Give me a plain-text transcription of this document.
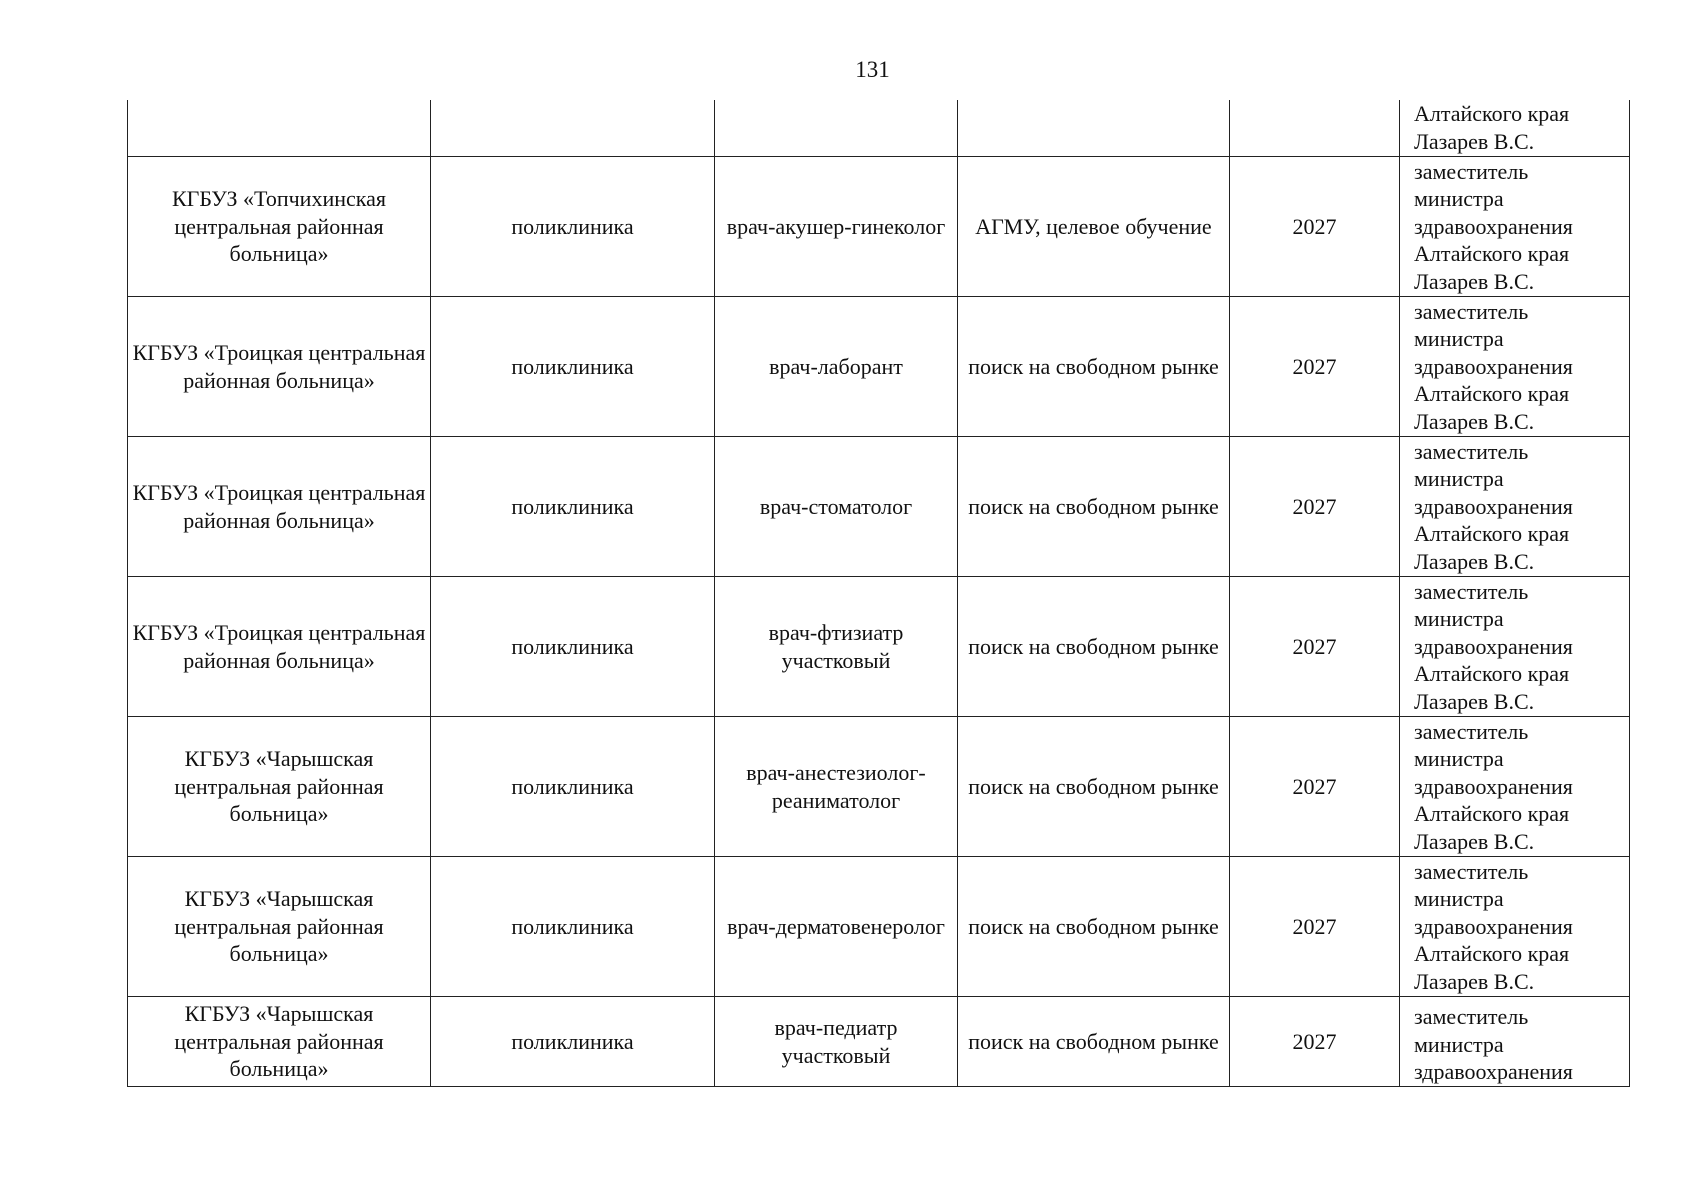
131

					Алтайского края
Лазарев В.С.

КГБУЗ «Топчихинская центральная районная больница»	поликлиника	врач-акушер-гинеколог	АГМУ, целевое обучение	2027	заместитель
министра
здравоохранения
Алтайского края
Лазарев В.С.

КГБУЗ «Троицкая центральная районная больница»	поликлиника	врач-лаборант	поиск на свободном рынке	2027	заместитель
министра
здравоохранения
Алтайского края
Лазарев В.С.

КГБУЗ «Троицкая центральная районная больница»	поликлиника	врач-стоматолог	поиск на свободном рынке	2027	заместитель
министра
здравоохранения
Алтайского края
Лазарев В.С.

КГБУЗ «Троицкая центральная районная больница»	поликлиника	врач-фтизиатр участковый	поиск на свободном рынке	2027	заместитель
министра
здравоохранения
Алтайского края
Лазарев В.С.

КГБУЗ «Чарышская центральная районная больница»	поликлиника	врач-анестезиолог-реаниматолог	поиск на свободном рынке	2027	заместитель
министра
здравоохранения
Алтайского края
Лазарев В.С.

КГБУЗ «Чарышская центральная районная больница»	поликлиника	врач-дерматовенеролог	поиск на свободном рынке	2027	заместитель
министра
здравоохранения
Алтайского края
Лазарев В.С.

КГБУЗ «Чарышская центральная районная больница»	поликлиника	врач-педиатр участковый	поиск на свободном рынке	2027	заместитель
министра
здравоохранения
